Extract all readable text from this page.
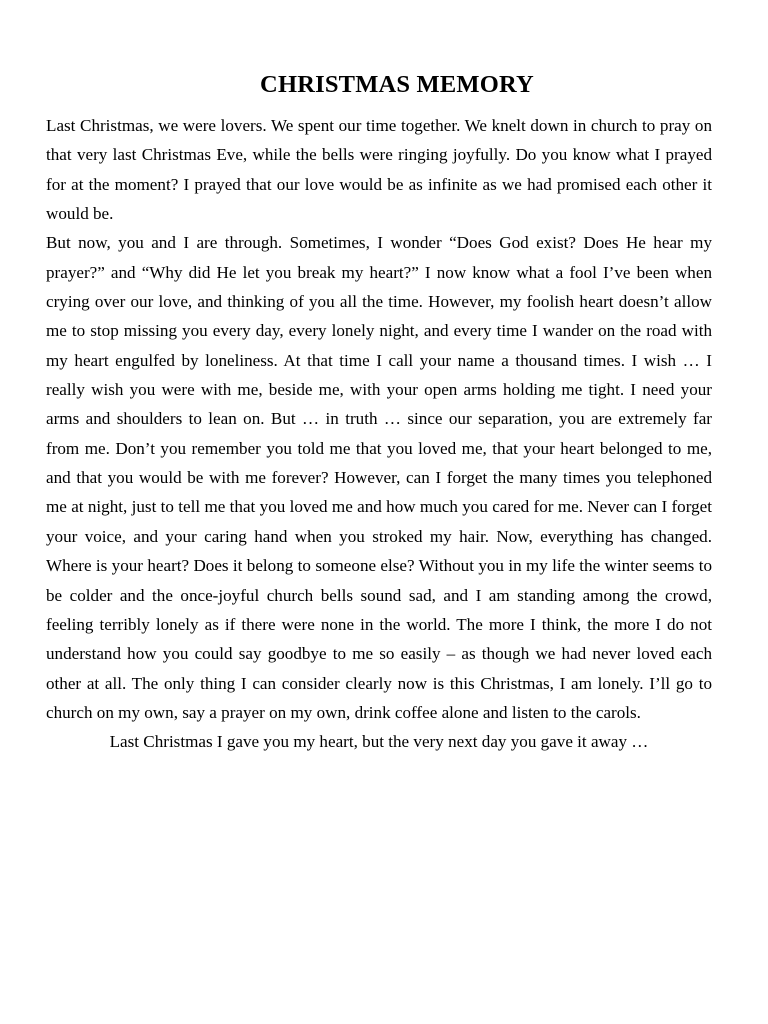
CHRISTMAS MEMORY

Last Christmas, we were lovers. We spent our time together. We knelt down in church to pray on that very last Christmas Eve, while the bells were ringing joyfully. Do you know what I prayed for at the moment? I prayed that our love would be as infinite as we had promised each other it would be.

But now, you and I are through. Sometimes, I wonder “Does God exist? Does He hear my prayer?” and “Why did He let you break my heart?” I now know what a fool I’ve been when crying over our love, and thinking of you all the time. However, my foolish heart doesn’t allow me to stop missing you every day, every lonely night, and every time I wander on the road with my heart engulfed by loneliness. At that time I call your name a thousand times. I wish … I really wish you were with me, beside me, with your open arms holding me tight. I need your arms and shoulders to lean on. But … in truth … since our separation, you are extremely far from me. Don’t you remember you told me that you loved me, that your heart belonged to me, and that you would be with me forever? However, can I forget the many times you telephoned me at night, just to tell me that you loved me and how much you cared for me. Never can I forget your voice, and your caring hand when you stroked my hair. Now, everything has changed. Where is your heart? Does it belong to someone else? Without you in my life the winter seems to be colder and the once-joyful church bells sound sad, and I am standing among the crowd, feeling terribly lonely as if there were none in the world. The more I think, the more I do not understand how you could say goodbye to me so easily – as though we had never loved each other at all. The only thing I can consider clearly now is this Christmas, I am lonely. I’ll go to church on my own, say a prayer on my own, drink coffee alone and listen to the carols.

Last Christmas I gave you my heart, but the very next day you gave it away …
